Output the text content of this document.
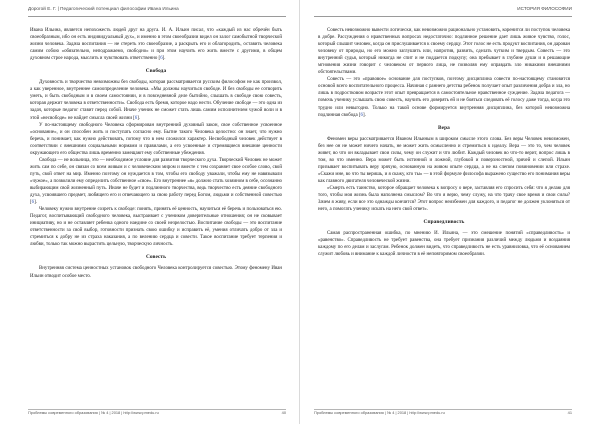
Дорогой Е. Г. | Педагогический потенциал философии Ивана Ильина

Ивана Ильина, является непохожесть людей друг на друга. И. А. Ильин писал, что «каждый из нас обречён быть своеобразным, ибо он есть индивидуальный дух», и именно в этом своеобразии видел он залог самобытной творческой жизни человека. Задача воспитания — не стереть это своеобразие, а раскрыть его и облагородить, оставить человека самим собою «обязательно, неподражаемо, свободно» и при этом научить его жить вместе с другими, в общем духовном строе народа, мыслить и чувствовать ответственно [6].

Свобода

Духовность и творчество невозможны без свободы, которая рассматривается русским философом не как произвол, а как уверенное, внутреннее самоопределение человека. «Мы должны научиться свободе. И без свободы ее сотворить уметь, и быть свободным и в своем самостоянии, и в повседневной деле бытийно, слышать в свободе свою совесть, которая держит человека в ответственности». Свобода есть бремя, которое надо нести. Обучение свободе — это одна из задач, которые педагог ставит перед собой. Иначе ученик не сможет стать лишь самим исполнителем чужой воли и в этой «несвободе» не найдет смысла своей жизни [6].

У по-настоящему свободного Человека сформирован внутренний духовный закон, свое собственное усвоенное «основание», и он способен жить и поступать согласно ему. Бытие такого Человека целостно: он знает, что нужно беречь, и понимает, как нужно действовать, потому что в нем сложился характер. Несвободный человек действует в соответствии с внешними социальными нормами и правилами, а его усвоенные и стремящиеся внешние ценности окружающего его общества лишь временно замещают ему собственные убеждения.

Свобода — не вольница, это — необходимое условие для развития творческого духа. Творческий Человек не может жить сам по себе, он связан со всем живым и с человеческим миром и вместе с тем сохраняет свое особое слово, свой путь, свой ответ на мир. Именно поэтому он нуждается в том, чтобы его свободу уважали, чтобы ему не навязывали «чужое», а позволили ему определить собственное «свое». Его внутреннее «я» должно стать хозяином в себе, осознанно выбирающим свой жизненный путь. Иначе не будет и подлинного творчества, ведь творчество есть деяние свободного духа, усвоившего предмет, любящего его и отвечающего за свою работу перед Богом, людьми и собственной совестью [6].

Человеку нужно внутренне созреть к свободе: понять, принять её ценность, научиться её беречь и пользоваться ею. Педагог, воспитывающий свободного человека, выстраивает с учеником доверительные отношения; он не сковывает инициативу, но и не оставляет ребенка одного наедине со своей незрелостью. Воспитание свободы — это воспитание ответственности за свой выбор, готовности признать свою ошибку и исправить её, умения отличать добро от зла и стремиться к добру не из страха наказания, а по велению сердца и совести. Такое воспитание требует терпения и любви, только так можно вырастить цельную, творческую личность.

Совесть

Внутренняя система ценностных установок свободного Человека контролируется совестью. Этому феномену Иван Ильин отводит особое место.

Проблемы современного образования | № 4 | 2018 | http://www.pmedu.ru	40
ИСТОРИЯ ФИЛОСОФИИ

Совесть невозможно вывести логически, как невозможно рационально установить, коренится ли поступок человека в добре. Рассуждения о нравственных вопросах недостаточно: подлинное решение дает лишь живое чувство, голос, который слышит человек, когда он прислушивается к своему сердцу. Этот голос не есть продукт воспитания, он дарован человеку от природы, но его можно заглушить или, напротив, развить, сделать чутким и твердым. Совесть — это внутренний судья, который никогда не спит и не поддается подкупу; она пребывает в глубине души и в решающие мгновения жизни говорит с человеком от первого лица, не позволяя ему оправдать зло никакими внешними обстоятельствами.

Совесть — это «правовое» основание для поступков, поэтому дисциплина совести по-настоящему становится основой всего воспитательного процесса. Начиная с раннего детства ребенок получает опыт различения добра и зла, но лишь в подростковом возрасте этот опыт превращается в самостоятельное нравственное суждение. Задача педагога — помочь ученику услышать свою совесть, научить его доверять ей и не бояться следовать её голосу даже тогда, когда это трудно или невыгодно. Только на такой основе формируется внутренняя дисциплина, без которой невозможна подлинная свобода [6].

Вера

Феномен веры рассматривается Иваном Ильиным в широком смысле этого слова. Без веры Человек невозможен, без нее он не может ничего начать, не может жить осмысленно и стремиться к идеалу. Вера — это то, чем человек живет, во что он вкладывает свои силы, чему он служит и что любит. Каждый человек во что-то верит, вопрос лишь в том, во что именно. Вера может быть истинной и ложной, глубокой и поверхностной, зрячей и слепой. Ильин призывает воспитывать веру зрячую, основанную на живом опыте сердца, а не на слепом повиновении или страхе. «Скажи мне, во что ты веришь, и я скажу, кто ты» — в этой формуле философа выражено существо его понимания веры как главного двигателя человеческой жизни.

«Смерть есть таинство, которое обращает человека к вопросу о вере, заставляя его спросить себя: что я делаю для того, чтобы моя жизнь была наполнена смыслом? Во что я верю, чему служу, на что трачу свое время и свои силы? Зачем я живу, если все это однажды кончится? Этот вопрос неизбежен для каждого, и педагог не должен уклоняться от него, а помогать ученику искать на него свой ответ».

Справедливость

Самая распространенная ошибка, по мнению И. Ильина, — это смешение понятий «справедливость» и «равенство». Справедливость не требует равенства, она требует признания различий между людьми и воздаяния каждому по его делам и заслугам. Ребенок должен видеть, что справедливость не есть уравниловка, что её основанием служит любовь и внимание к каждой личности в её неповторимом своеобразии.

Проблемы современного образования | № 4 | 2018 | http://www.pmedu.ru	41
